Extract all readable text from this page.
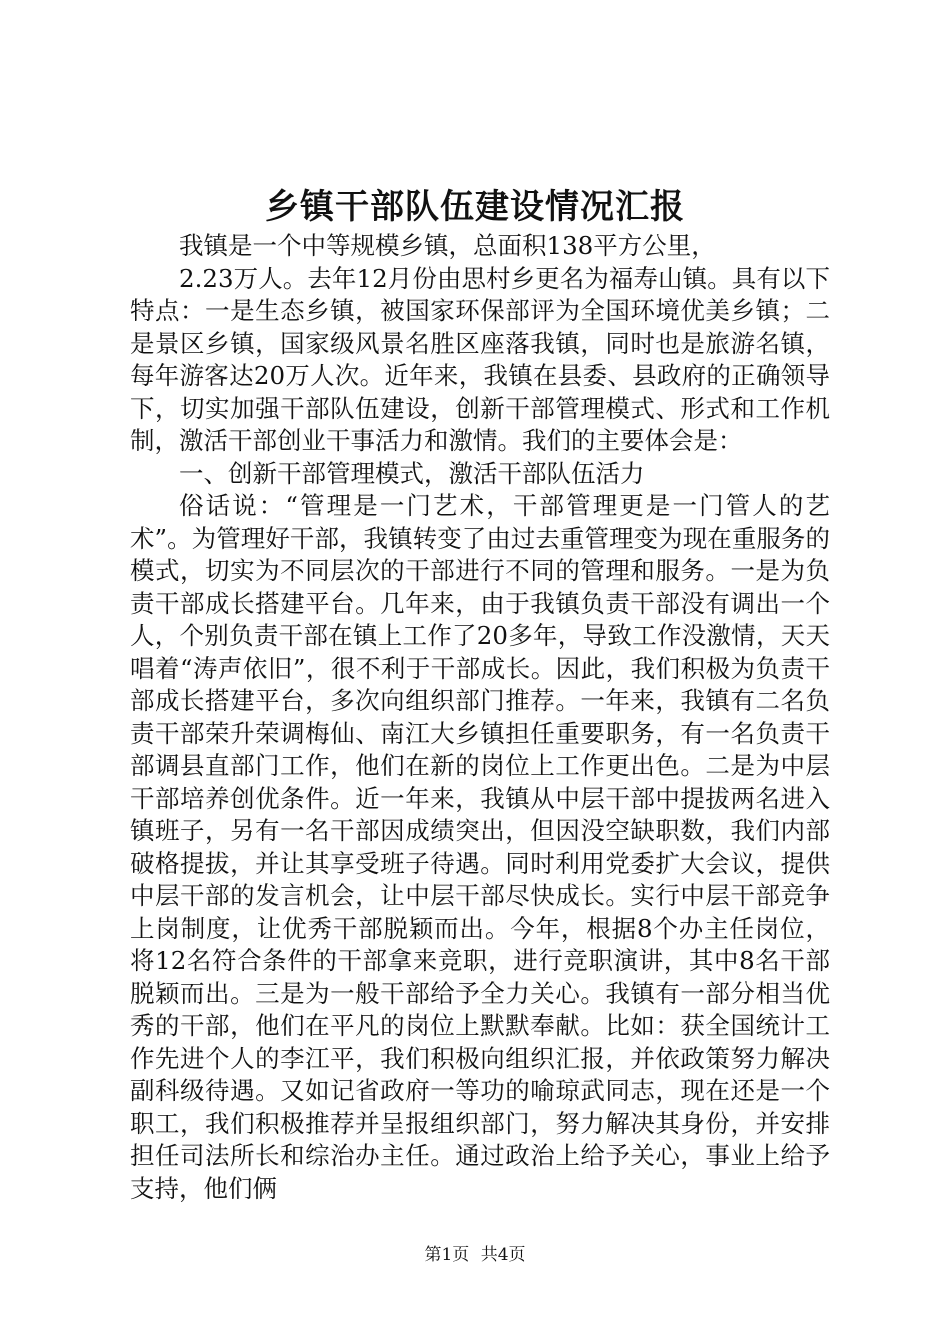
乡镇干部队伍建设情况汇报

我镇是一个中等规模乡镇，总面积138平方公里，

2.23万人。去年12月份由思村乡更名为福寿山镇。具有以下特点：一是生态乡镇，被国家环保部评为全国环境优美乡镇；二是景区乡镇，国家级风景名胜区座落我镇，同时也是旅游名镇，每年游客达20万人次。近年来，我镇在县委、县政府的正确领导下，切实加强干部队伍建设，创新干部管理模式、形式和工作机制，激活干部创业干事活力和激情。我们的主要体会是：

一、创新干部管理模式，激活干部队伍活力

俗话说：“管理是一门艺术，干部管理更是一门管人的艺术”。为管理好干部，我镇转变了由过去重管理变为现在重服务的模式，切实为不同层次的干部进行不同的管理和服务。一是为负责干部成长搭建平台。几年来，由于我镇负责干部没有调出一个人，个别负责干部在镇上工作了20多年，导致工作没激情，天天唱着“涛声依旧”，很不利于干部成长。因此，我们积极为负责干部成长搭建平台，多次向组织部门推荐。一年来，我镇有二名负责干部荣升荣调梅仙、南江大乡镇担任重要职务，有一名负责干部调县直部门工作，他们在新的岗位上工作更出色。二是为中层干部培养创优条件。近一年来，我镇从中层干部中提拔两名进入镇班子，另有一名干部因成绩突出，但因没空缺职数，我们内部破格提拔，并让其享受班子待遇。同时利用党委扩大会议，提供中层干部的发言机会，让中层干部尽快成长。实行中层干部竞争上岗制度，让优秀干部脱颖而出。今年，根据8个办主任岗位，将12名符合条件的干部拿来竞职，进行竞职演讲，其中8名干部脱颖而出。三是为一般干部给予全力关心。我镇有一部分相当优秀的干部，他们在平凡的岗位上默默奉献。比如：获全国统计工作先进个人的李江平，我们积极向组织汇报，并依政策努力解决副科级待遇。又如记省政府一等功的喻琼武同志，现在还是一个职工，我们积极推荐并呈报组织部门，努力解决其身份，并安排担任司法所长和综治办主任。通过政治上给予关心，事业上给予支持，他们俩

第1页 共4页
